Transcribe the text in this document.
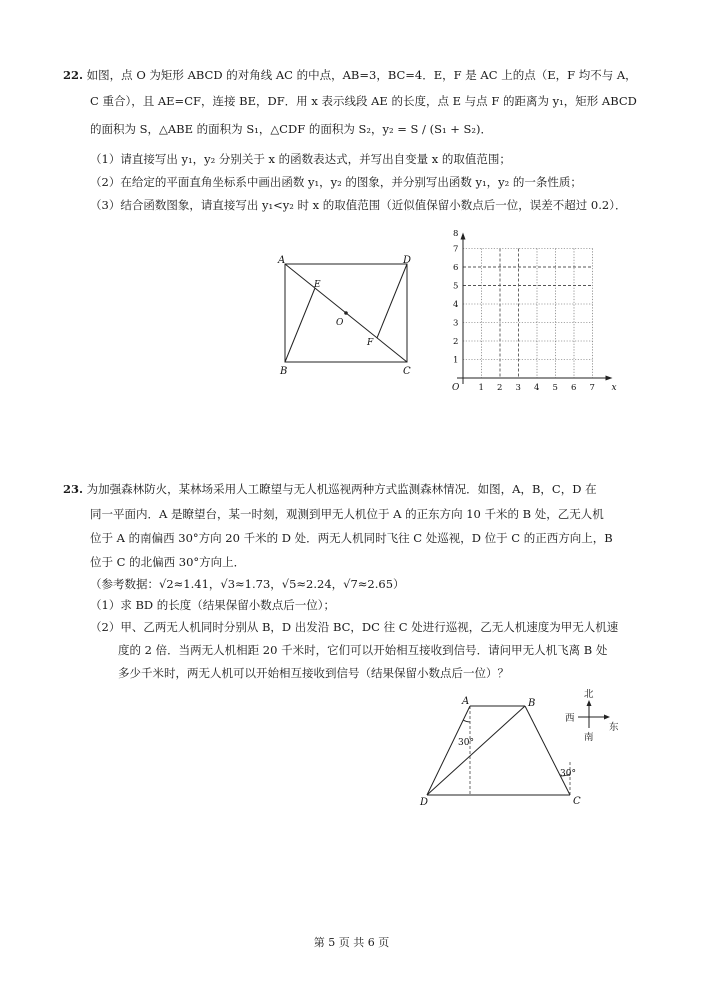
22. 如图，点 O 为矩形 ABCD 的对角线 AC 的中点，AB=3，BC=4．E，F 是 AC 上的点（E，F 均不与 A，
C 重合），且 AE=CF，连接 BE，DF．用 x 表示线段 AE 的长度，点 E 与点 F 的距离为 y₁，矩形 ABCD
的面积为 S，△ABE 的面积为 S₁，△CDF 的面积为 S₂，y₂ = S / (S₁ + S₂)．
（1）请直接写出 y₁，y₂ 分别关于 x 的函数表达式，并写出自变量 x 的取值范围；
（2）在给定的平面直角坐标系中画出函数 y₁，y₂ 的图象，并分别写出函数 y₁，y₂ 的一条性质；
（3）结合函数图象，请直接写出 y₁<y₂ 时 x 的取值范围（近似值保留小数点后一位，误差不超过 0.2）．
A	D
B	C
E
F
O
1 2 3 4 5 6 7
1
2
3
4
5
6
7
8
O	x
23. 为加强森林防火，某林场采用人工瞭望与无人机巡视两种方式监测森林情况．如图，A，B，C，D 在
同一平面内．A 是瞭望台，某一时刻，观测到甲无人机位于 A 的正东方向 10 千米的 B 处，乙无人机
位于 A 的南偏西 30°方向 20 千米的 D 处．两无人机同时飞往 C 处巡视，D 位于 C 的正西方向上，B
位于 C 的北偏西 30°方向上．
（参考数据：√2≈1.41，√3≈1.73，√5≈2.24，√7≈2.65）
（1）求 BD 的长度（结果保留小数点后一位）；
（2）甲、乙两无人机同时分别从 B，D 出发沿 BC，DC 往 C 处进行巡视，乙无人机速度为甲无人机速
度的 2 倍．当两无人机相距 20 千米时，它们可以开始相互接收到信号．请问甲无人机飞离 B 处
多少千米时，两无人机可以开始相互接收到信号（结果保留小数点后一位）？
A	B
C
D
30°
30°
北
南
西
东
第 5 页 共 6 页
